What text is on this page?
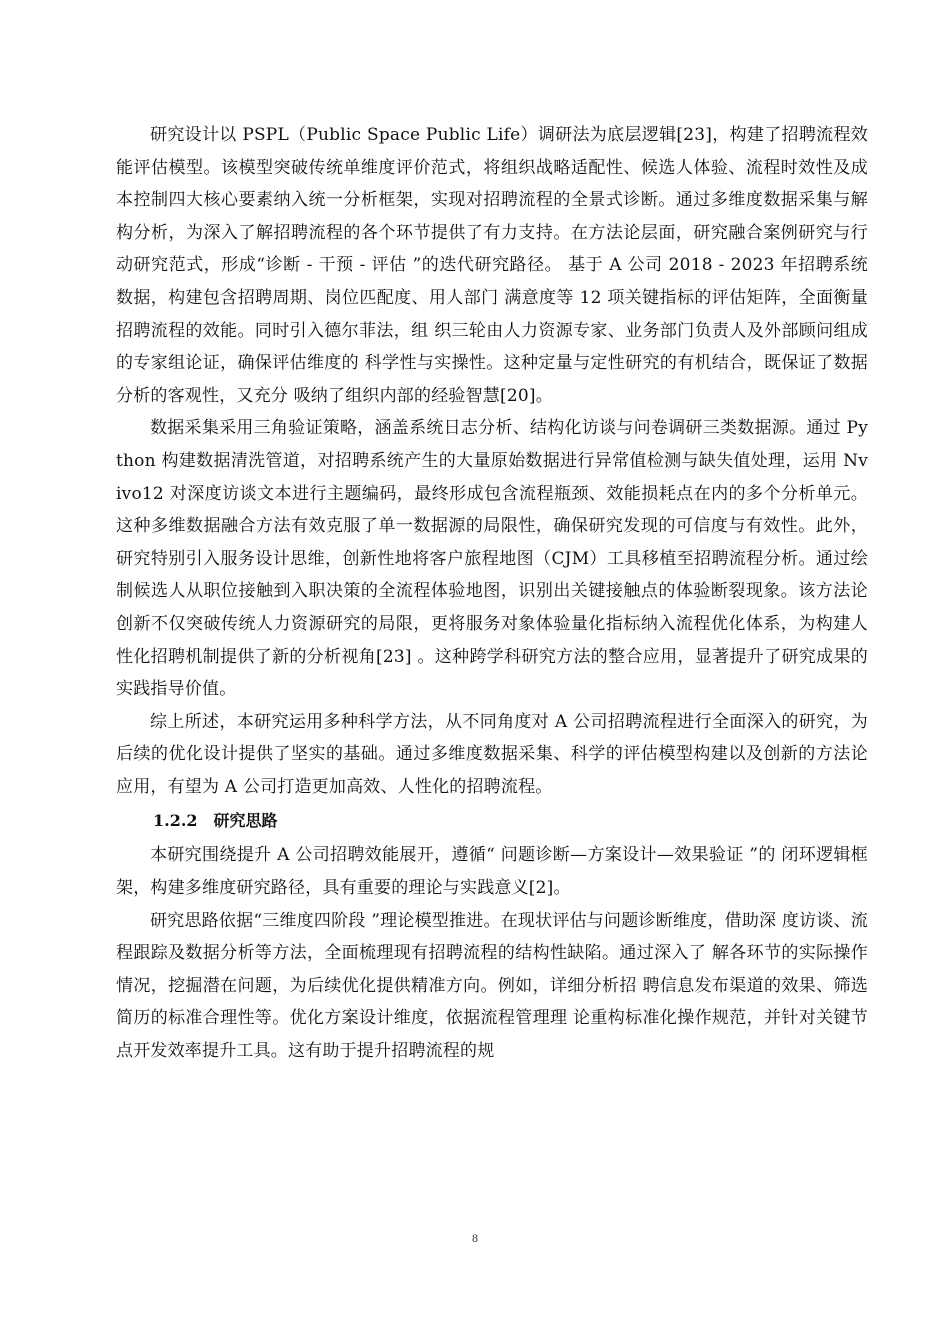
研究设计以 PSPL（Public Space Public Life）调研法为底层逻辑[23]，构建了招聘流程效能评估模型。该模型突破传统单维度评价范式，将组织战略适配性、候选人体验、流程时效性及成本控制四大核心要素纳入统一分析框架，实现对招聘流程的全景式诊断。通过多维度数据采集与解构分析，为深入了解招聘流程的各个环节提供了有力支持。在方法论层面，研究融合案例研究与行动研究范式，形成“诊断 - 干预 - 评估 ”的迭代研究路径。 基于 A 公司 2018 - 2023 年招聘系统数据，构建包含招聘周期、岗位匹配度、用人部门 满意度等 12 项关键指标的评估矩阵，全面衡量招聘流程的效能。同时引入德尔菲法，组 织三轮由人力资源专家、业务部门负责人及外部顾问组成的专家组论证，确保评估维度的 科学性与实操性。这种定量与定性研究的有机结合，既保证了数据分析的客观性，又充分 吸纳了组织内部的经验智慧[20]。

数据采集采用三角验证策略，涵盖系统日志分析、结构化访谈与问卷调研三类数据源。通过 Python 构建数据清洗管道，对招聘系统产生的大量原始数据进行异常值检测与缺失值处理，运用 Nvivo12 对深度访谈文本进行主题编码，最终形成包含流程瓶颈、效能损耗点在内的多个分析单元。这种多维数据融合方法有效克服了单一数据源的局限性，确保研究发现的可信度与有效性。此外，研究特别引入服务设计思维，创新性地将客户旅程地图（CJM）工具移植至招聘流程分析。通过绘制候选人从职位接触到入职决策的全流程体验地图，识别出关键接触点的体验断裂现象。该方法论创新不仅突破传统人力资源研究的局限，更将服务对象体验量化指标纳入流程优化体系，为构建人性化招聘机制提供了新的分析视角[23] 。这种跨学科研究方法的整合应用，显著提升了研究成果的实践指导价值。

综上所述，本研究运用多种科学方法，从不同角度对 A 公司招聘流程进行全面深入的研究，为后续的优化设计提供了坚实的基础。通过多维度数据采集、科学的评估模型构建以及创新的方法论应用，有望为 A 公司打造更加高效、人性化的招聘流程。

1.2.2　研究思路

本研究围绕提升 A 公司招聘效能展开，遵循“ 问题诊断—方案设计—效果验证 ”的 闭环逻辑框架，构建多维度研究路径，具有重要的理论与实践意义[2]。

研究思路依据“三维度四阶段 ”理论模型推进。在现状评估与问题诊断维度，借助深 度访谈、流程跟踪及数据分析等方法，全面梳理现有招聘流程的结构性缺陷。通过深入了 解各环节的实际操作情况，挖掘潜在问题，为后续优化提供精准方向。例如，详细分析招 聘信息发布渠道的效果、筛选简历的标准合理性等。优化方案设计维度，依据流程管理理 论重构标准化操作规范，并针对关键节点开发效率提升工具。这有助于提升招聘流程的规

8
